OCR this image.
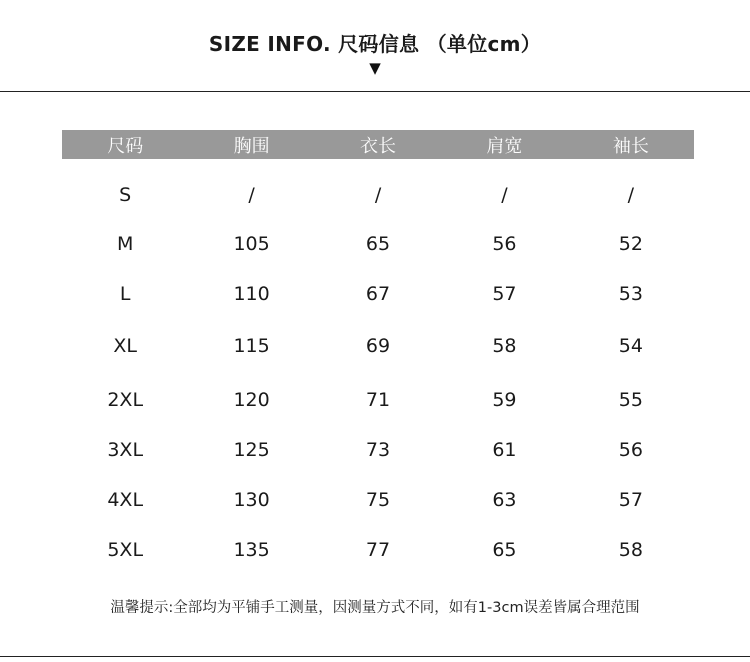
SIZE INFO. 尺码信息 （单位cm）
▼
尺码	胸围	衣长	肩宽	袖长
S	/	/	/	/
M	105	65	56	52
L	110	67	57	53
XL	115	69	58	54
2XL	120	71	59	55
3XL	125	73	61	56
4XL	130	75	63	57
5XL	135	77	65	58
温馨提示:全部均为平铺手工测量，因测量方式不同，如有1-3cm误差皆属合理范围
